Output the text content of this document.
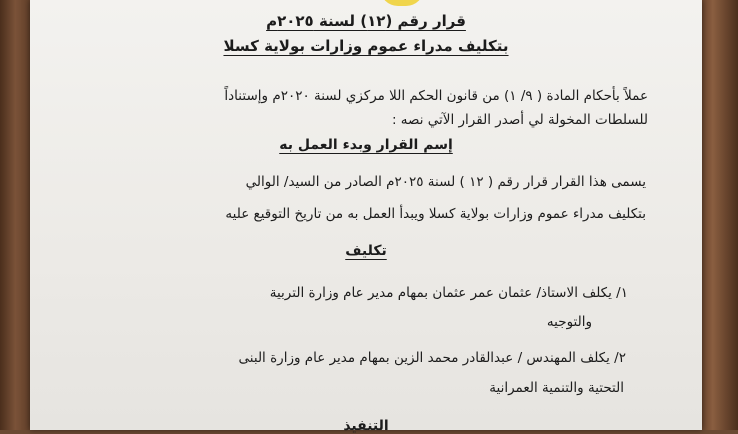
قرار رقم (١٢) لسنة ٢٠٢٥م
بتكليف مدراء عموم وزارات بولاية كسلا
عملاً بأحكام المادة ( ٩/ ١) من قانون الحكم اللا مركزي لسنة ٢٠٢٠م وإستناداً
للسلطات المخولة لي أصدر القرار الآتي نصه :
إسم القرار وبدء العمل به
يسمى هذا القرار قرار رقم ( ١٢ ) لسنة ٢٠٢٥م الصادر من السيد/ الوالي
بتكليف مدراء عموم وزارات بولاية كسلا ويبدأ العمل به من تاريخ التوقيع عليه
تكليف
١/ يكلف الاستاذ/ عثمان عمر عثمان بمهام مدير عام وزارة التربية
والتوجيه
٢/ يكلف المهندس / عبدالقادر محمد الزين بمهام مدير عام وزارة البنى
التحتية والتنمية العمرانية
التنفيذ
